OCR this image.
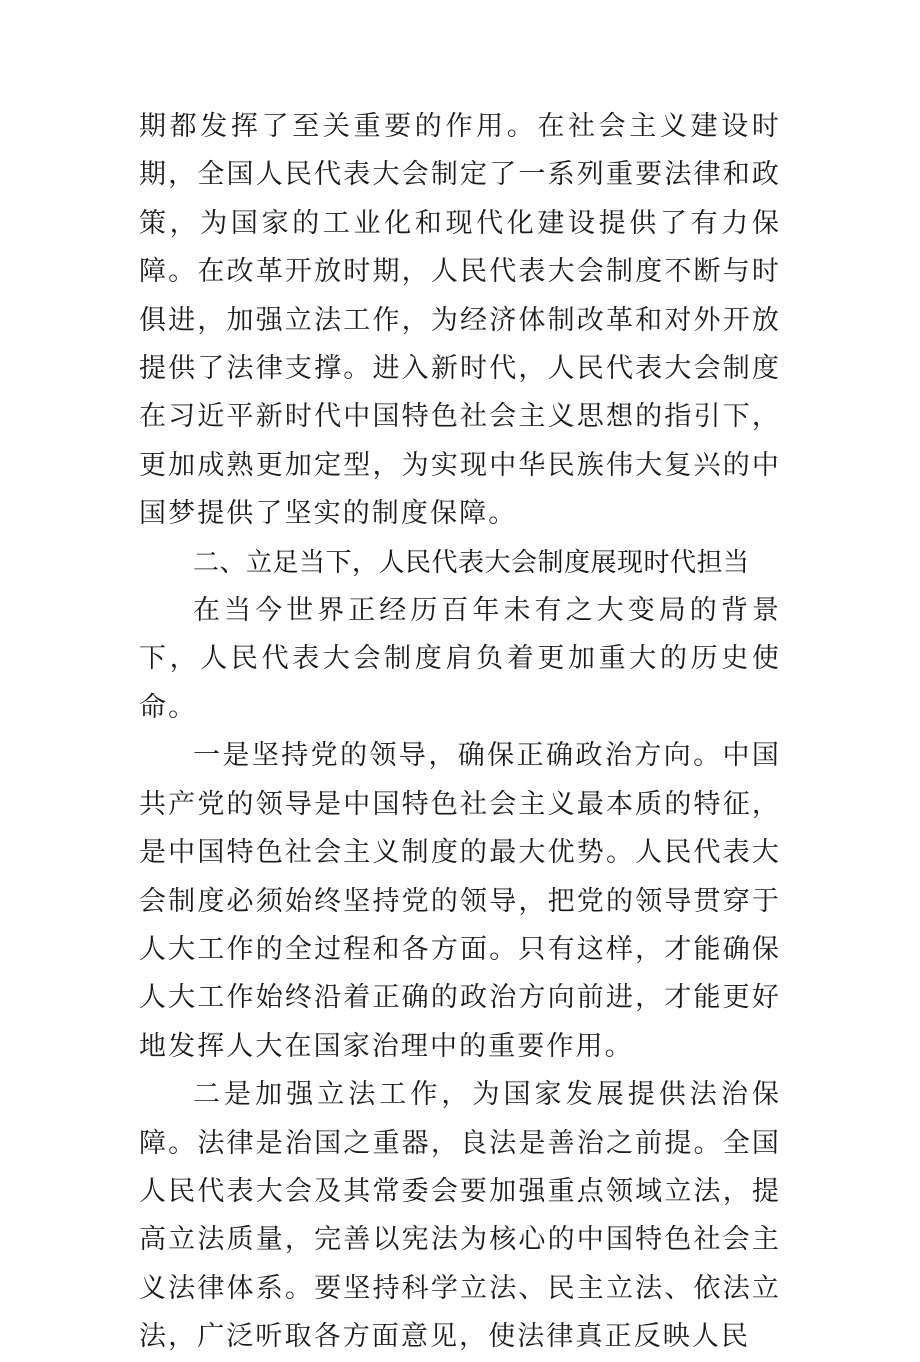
期都发挥了至关重要的作用。在社会主义建设时期，全国人民代表大会制定了一系列重要法律和政策，为国家的工业化和现代化建设提供了有力保障。在改革开放时期，人民代表大会制度不断与时俱进，加强立法工作，为经济体制改革和对外开放提供了法律支撑。进入新时代，人民代表大会制度在习近平新时代中国特色社会主义思想的指引下，更加成熟更加定型，为实现中华民族伟大复兴的中国梦提供了坚实的制度保障。

二、立足当下，人民代表大会制度展现时代担当

在当今世界正经历百年未有之大变局的背景下，人民代表大会制度肩负着更加重大的历史使命。

一是坚持党的领导，确保正确政治方向。中国共产党的领导是中国特色社会主义最本质的特征，是中国特色社会主义制度的最大优势。人民代表大会制度必须始终坚持党的领导，把党的领导贯穿于人大工作的全过程和各方面。只有这样，才能确保人大工作始终沿着正确的政治方向前进，才能更好地发挥人大在国家治理中的重要作用。

二是加强立法工作，为国家发展提供法治保障。法律是治国之重器，良法是善治之前提。全国人民代表大会及其常委会要加强重点领域立法，提高立法质量，完善以宪法为核心的中国特色社会主义法律体系。要坚持科学立法、民主立法、依法立法，广泛听取各方面意见，使法律真正反映人民
